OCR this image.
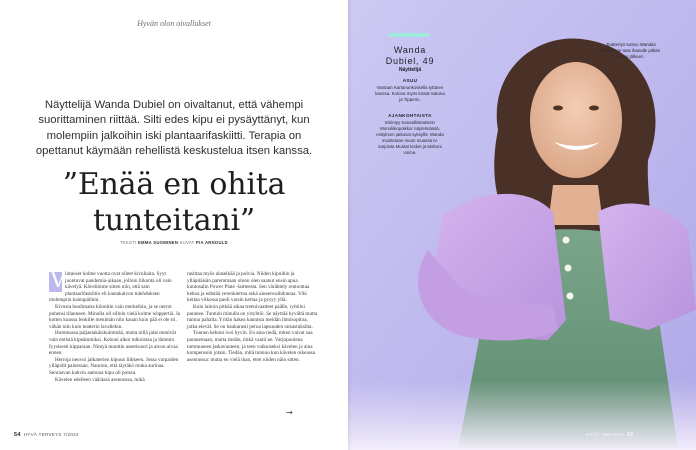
Hyvän olon oivallukset
Näyttelijä Wanda Dubiel on oivaltanut, että vähempi suorittaminen riittää. Silti edes kipu ei pysäyttänyt, kun molempiin jalkoihin iski plantaarifaskiitti. Terapia on opettanut käymään rehellistä keskustelua itsen kanssa.
”Enää en ohita
tunteitani”
TEKSTI EMMA SUOMINEN KUVAT PIA ARNOULD
V iimeiset kolme vuotta ovat olleet kivuliaita. Syyt juontuvat pandemia-aikaan, jolloin liikunta oli vain kävelyä. Kävelimme sitten niin, että sain plantaarifaskiitin eli kantakalvon tulehduksen molempiin kantapäihini.

Kivusta huolimatta kiinnitin vain merkeihin, ja se nerrot puhensi tilanneen. Minulla oli silloin vielä kolme whppertiä. Ja kotten kunssa lenkille menimän niin kauan kuin pää ei ole tri. vähän niin kuin teatterin lavallekin.

Hommassa paljastakäiskuintmää, mutta nillä jalat menivät vain entistä kipeämmiksi. Kehoni alkoi tulkoistaa ja lämmin fyysisesti kipparaan. Nimyä muuttin assetisuuri ja aivon aivaa ennen.

Herroja neuvoi jalkaterien kipuun liikkeen. Jossa varpaiden ylläpidit painessan. Nauroin, että täytäkö muka aurinaa. Senraavan kahvin aamuna kipu oli poissa.

Kävelen edelleen väärässä asennossa, mikä

rasittaa myös alaselkää ja polvia. Niiden kipuihin ja ylläpitäisän paremmaan oloon olen saanut ensin apua kuntosalin Power Plate -laitteesta. Sen värähtely rentouttaa kehoa ja edistää verenkiertoa sekä aineenvaihduntaa. Vihi kertaa viikossa paoli varsin kertaa ja pysyy yllä.

Kuin laitoin pitkää aikaa treenivaatteet päälle, ryhtiini paranee. Tuntuin minulla on ylsyhtiö. Se näyttää hyvältä mutta tuntuu pahalta. Yritän hakea kaunista meidän ihmisopitoa, jotka elevät. Se on haukarasti perua lapsuuden ratsastuksilta.

Tunnen kehoni ivoi hyvin. En aina tiedä, miten vaivat saa paranemaan, mutta tiedän, mikä vaatii ne. Varjopuolena tummuneen jatkavuuteen, ja teen valkoiseksi kävelen ja aina kompensoin jotain. Tiedän, mitä tunnuu kun kävelen oikeassa asennossa: mutta en vielä ihan, ettei niiden näin sitten.

→
54 HYVÄ TERVEYS 7/2024
Wanda
Dubiel, 49
Näyttelijä
ASUU
Vantaan Kartanonkoskella tyttären kanssa. Kotona myös kissat Satuna ja Tipperin.
AJANKOHTAISTA
Esiintyy Kansallisteatterin Monoliikopoikkor näytelmässä, esityksen jatkuvat syksyllä. Wanda muistetaan muun muassa tv-sarjoista Mustat lesket ja Mahoni voima.
Teatteriyö tunteu Wandan Dubieliste taas ihanalle pitkän tauon jälkeen.
HYVÄ TERVEYS 55
